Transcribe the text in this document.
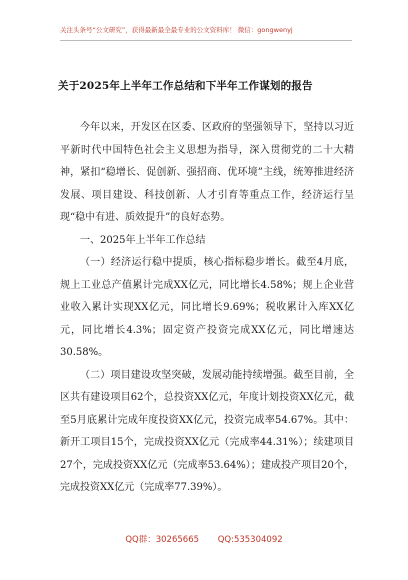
关注头条号“公文研究”，获得最新最全最专业的公文资料库！ 微信：gongwenyj
关于2025年上半年工作总结和下半年工作谋划的报告

今年以来，开发区在区委、区政府的坚强领导下，坚持以习近平新时代中国特色社会主义思想为指导，深入贯彻党的二十大精神，紧扣“稳增长、促创新、强招商、优环境”主线，统筹推进经济发展、项目建设、科技创新、人才引育等重点工作，经济运行呈现“稳中有进、质效提升”的良好态势。

一、2025年上半年工作总结

（一）经济运行稳中提质，核心指标稳步增长。截至4月底，规上工业总产值累计完成XX亿元，同比增长4.58%；规上企业营业收入累计实现XX亿元，同比增长9.69%；税收累计入库XX亿元，同比增长4.3%；固定资产投资完成XX亿元，同比增速达30.58%。

（二）项目建设攻坚突破，发展动能持续增强。截至目前，全区共有建设项目62个，总投资XX亿元，年度计划投资XX亿元，截至5月底累计完成年度投资XX亿元，投资完成率54.67%。其中：新开工项目15个，完成投资XX亿元（完成率44.31%）；续建项目27个，完成投资XX亿元（完成率53.64%）；建成投产项目20个，完成投资XX亿元（完成率77.39%）。

QQ群：30265665 QQ:535304092
